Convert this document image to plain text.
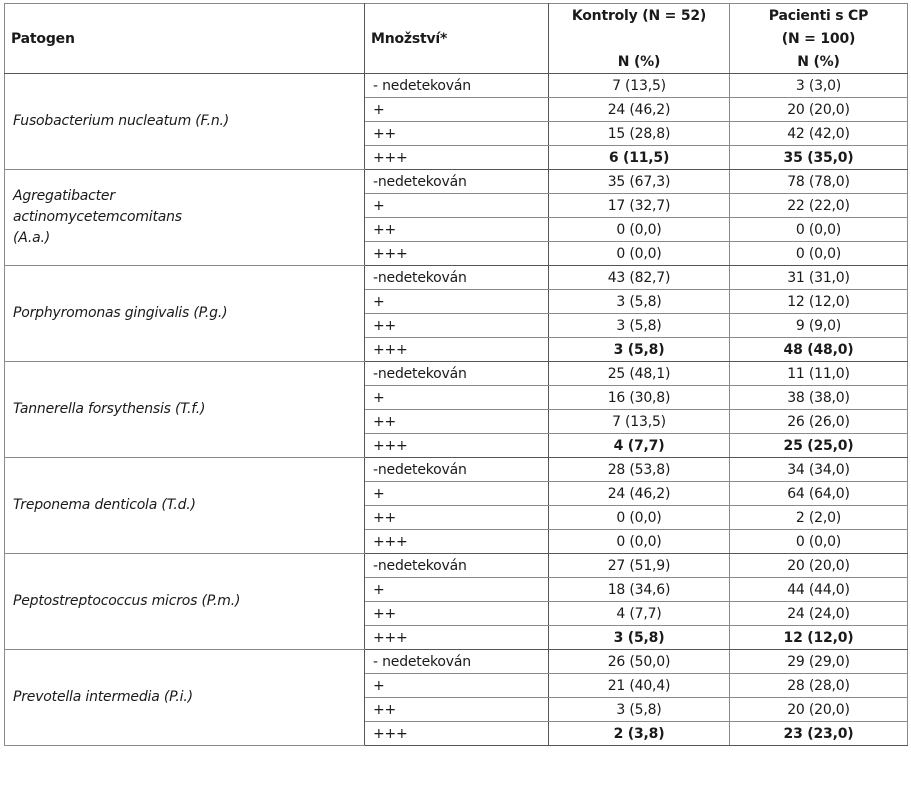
Patogen	Množství*	Kontroly (N = 52)	Pacienti s CP
			(N = 100)
		N (%)	N (%)

Fusobacterium nucleatum (F.n.)	- nedetekován	7 (13,5)	3 (3,0)
	+	24 (46,2)	20 (20,0)
	++	15 (28,8)	42 (42,0)
	+++	6 (11,5)	35 (35,0)

Agregatibacter
actinomycetemcomitans
(A.a.)	-nedetekován	35 (67,3)	78 (78,0)
	+	17 (32,7)	22 (22,0)
	++	0 (0,0)	0 (0,0)
	+++	0 (0,0)	0 (0,0)

Porphyromonas gingivalis (P.g.)	-nedetekován	43 (82,7)	31 (31,0)
	+	3 (5,8)	12 (12,0)
	++	3 (5,8)	9 (9,0)
	+++	3 (5,8)	48 (48,0)

Tannerella forsythensis (T.f.)	-nedetekován	25 (48,1)	11 (11,0)
	+	16 (30,8)	38 (38,0)
	++	7 (13,5)	26 (26,0)
	+++	4 (7,7)	25 (25,0)

Treponema denticola (T.d.)	-nedetekován	28 (53,8)	34 (34,0)
	+	24 (46,2)	64 (64,0)
	++	0 (0,0)	2 (2,0)
	+++	0 (0,0)	0 (0,0)

Peptostreptococcus micros (P.m.)	-nedetekován	27 (51,9)	20 (20,0)
	+	18 (34,6)	44 (44,0)
	++	4 (7,7)	24 (24,0)
	+++	3 (5,8)	12 (12,0)

Prevotella intermedia (P.i.)	- nedetekován	26 (50,0)	29 (29,0)
	+	21 (40,4)	28 (28,0)
	++	3 (5,8)	20 (20,0)
	+++	2 (3,8)	23 (23,0)
